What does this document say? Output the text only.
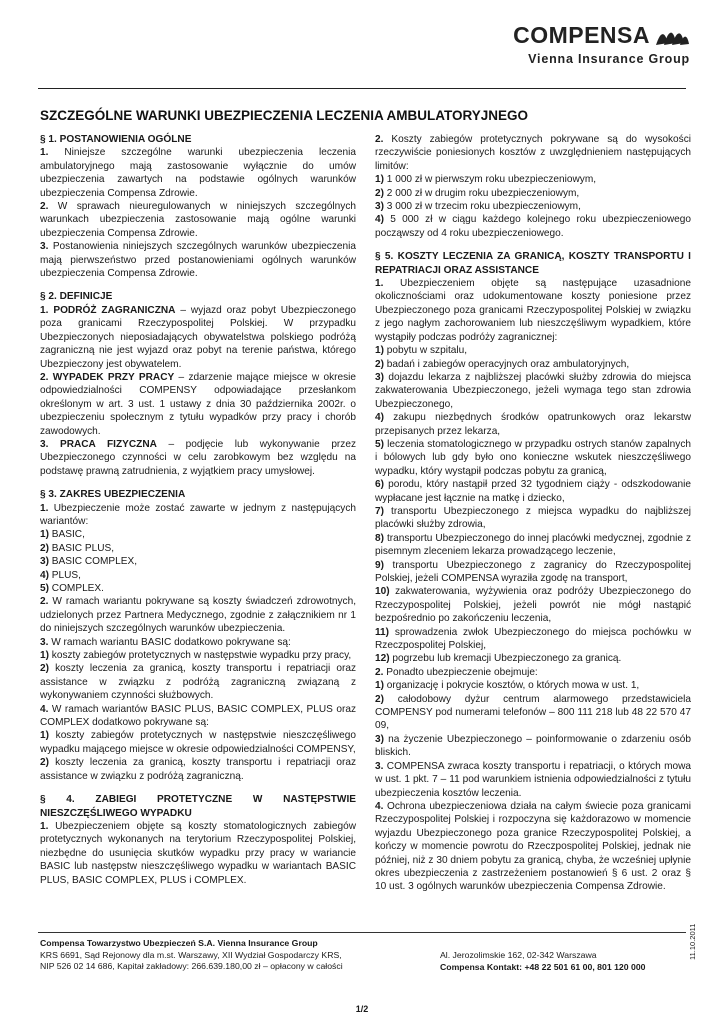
COMPENSA
Vienna Insurance Group
SZCZEGÓLNE WARUNKI UBEZPIECZENIA LECZENIA AMBULATORYJNEGO
§ 1. POSTANOWIENIA OGÓLNE
1. Niniejsze szczególne warunki ubezpieczenia leczenia ambulatoryjnego mają zastosowanie wyłącznie do umów ubezpieczenia zawartych na podstawie ogólnych warunków ubezpieczenia Compensa Zdrowie.
2. W sprawach nieuregulowanych w niniejszych szczególnych warunkach ubezpieczenia zastosowanie mają ogólne warunki ubezpieczenia Compensa Zdrowie.
3. Postanowienia niniejszych szczególnych warunków ubezpieczenia mają pierwszeństwo przed postanowieniami ogólnych warunków ubezpieczenia Compensa Zdrowie.
§ 2. DEFINICJE
1. PODRÓŻ ZAGRANICZNA – wyjazd oraz pobyt Ubezpieczonego poza granicami Rzeczypospolitej Polskiej. W przypadku Ubezpieczonych nieposiadających obywatelstwa polskiego podróżą zagraniczną nie jest wyjazd oraz pobyt na terenie państwa, którego Ubezpieczony jest obywatelem.
2. WYPADEK PRZY PRACY – zdarzenie mające miejsce w okresie odpowiedzialności COMPENSY odpowiadające przesłankom określonym w art. 3 ust. 1 ustawy z dnia 30 października 2002r. o ubezpieczeniu społecznym z tytułu wypadków przy pracy i chorób zawodowych.
3. PRACA FIZYCZNA – podjęcie lub wykonywanie przez Ubezpieczonego czynności w celu zarobkowym bez względu na podstawę prawną zatrudnienia, z wyjątkiem pracy umysłowej.
§ 3. ZAKRES UBEZPIECZENIA
1. Ubezpieczenie może zostać zawarte w jednym z następujących wariantów:
1) BASIC,
2) BASIC PLUS,
3) BASIC COMPLEX,
4) PLUS,
5) COMPLEX.
2. W ramach wariantu pokrywane są koszty świadczeń zdrowotnych, udzielonych przez Partnera Medycznego, zgodnie z załącznikiem nr 1 do niniejszych szczególnych warunków ubezpieczenia.
3. W ramach wariantu BASIC dodatkowo pokrywane są:
1) koszty zabiegów protetycznych w następstwie wypadku przy pracy,
2) koszty leczenia za granicą, koszty transportu i repatriacji oraz assistance w związku z podróżą zagraniczną związaną z wykonywaniem czynności służbowych.
4. W ramach wariantów BASIC PLUS, BASIC COMPLEX, PLUS oraz COMPLEX dodatkowo pokrywane są:
1) koszty zabiegów protetycznych w następstwie nieszczęśliwego wypadku mającego miejsce w okresie odpowiedzialności COMPENSY,
2) koszty leczenia za granicą, koszty transportu i repatriacji oraz assistance w związku z podróżą zagraniczną.
§ 4. ZABIEGI PROTETYCZNE W NASTĘPSTWIE NIESZCZĘŚLIWEGO WYPADKU
1. Ubezpieczeniem objęte są koszty stomatologicznych zabiegów protetycznych wykonanych na terytorium Rzeczypospolitej Polskiej, niezbędne do usunięcia skutków wypadku przy pracy w wariancie BASIC lub następstw nieszczęśliwego wypadku w wariantach BASIC PLUS, BASIC COMPLEX, PLUS i COMPLEX.
2. Koszty zabiegów protetycznych pokrywane są do wysokości rzeczywiście poniesionych kosztów z uwzględnieniem następujących limitów:
1) 1 000 zł w pierwszym roku ubezpieczeniowym,
2) 2 000 zł w drugim roku ubezpieczeniowym,
3) 3 000 zł w trzecim roku ubezpieczeniowym,
4) 5 000 zł w ciągu każdego kolejnego roku ubezpieczeniowego począwszy od 4 roku ubezpieczeniowego.
§ 5. KOSZTY LECZENIA ZA GRANICĄ, KOSZTY TRANSPORTU I REPATRIACJI ORAZ ASSISTANCE
1. Ubezpieczeniem objęte są następujące uzasadnione okolicznościami oraz udokumentowane koszty poniesione przez Ubezpieczonego poza granicami Rzeczypospolitej Polskiej w związku z jego nagłym zachorowaniem lub nieszczęśliwym wypadkiem, które wystąpiły podczas podróży zagranicznej:
1) pobytu w szpitalu,
2) badań i zabiegów operacyjnych oraz ambulatoryjnych,
3) dojazdu lekarza z najbliższej placówki służby zdrowia do miejsca zakwaterowania Ubezpieczonego, jeżeli wymaga tego stan zdrowia Ubezpieczonego,
4) zakupu niezbędnych środków opatrunkowych oraz lekarstw przepisanych przez lekarza,
5) leczenia stomatologicznego w przypadku ostrych stanów zapalnych i bólowych lub gdy było ono konieczne wskutek nieszczęśliwego wypadku, który wystąpił podczas pobytu za granicą,
6) porodu, który nastąpił przed 32 tygodniem ciąży - odszkodowanie wypłacane jest łącznie na matkę i dziecko,
7) transportu Ubezpieczonego z miejsca wypadku do najbliższej placówki służby zdrowia,
8) transportu Ubezpieczonego do innej placówki medycznej, zgodnie z pisemnym zleceniem lekarza prowadzącego leczenie,
9) transportu Ubezpieczonego z zagranicy do Rzeczypospolitej Polskiej, jeżeli COMPENSA wyraziła zgodę na transport,
10) zakwaterowania, wyżywienia oraz podróży Ubezpieczonego do Rzeczypospolitej Polskiej, jeżeli powrót nie mógł nastąpić bezpośrednio po zakończeniu leczenia,
11) sprowadzenia zwłok Ubezpieczonego do miejsca pochówku w Rzeczpospolitej Polskiej,
12) pogrzebu lub kremacji Ubezpieczonego za granicą.
2. Ponadto ubezpieczenie obejmuje:
1) organizację i pokrycie kosztów, o których mowa w ust. 1,
2) całodobowy dyżur centrum alarmowego przedstawiciela COMPENSY pod numerami telefonów – 800 111 218 lub 48 22 570 47 09,
3) na życzenie Ubezpieczonego – poinformowanie o zdarzeniu osób bliskich.
3. COMPENSA zwraca koszty transportu i repatriacji, o których mowa w ust. 1 pkt. 7 – 11 pod warunkiem istnienia odpowiedzialności z tytułu ubezpieczenia kosztów leczenia.
4. Ochrona ubezpieczeniowa działa na całym świecie poza granicami Rzeczypospolitej Polskiej i rozpoczyna się każdorazowo w momencie wyjazdu Ubezpieczonego poza granice Rzeczypospolitej Polskiej, a kończy w momencie powrotu do Rzeczpospolitej Polskiej, jednak nie później, niż z 30 dniem pobytu za granicą, chyba, że wcześniej upłynie okres ubezpieczenia z zastrzeżeniem postanowień § 6 ust. 2 oraz § 10 ust. 3 ogólnych warunków ubezpieczenia Compensa Zdrowie.
Compensa Towarzystwo Ubezpieczeń S.A. Vienna Insurance Group
KRS 6691, Sąd Rejonowy dla m.st. Warszawy, XII Wydział Gospodarczy KRS,
NIP 526 02 14 686, Kapitał zakładowy: 266.639.180,00 zł – opłacony w całości
Al. Jerozolimskie 162, 02-342 Warszawa
Compensa Kontakt: +48 22 501 61 00, 801 120 000
11.10.2011
1/2
